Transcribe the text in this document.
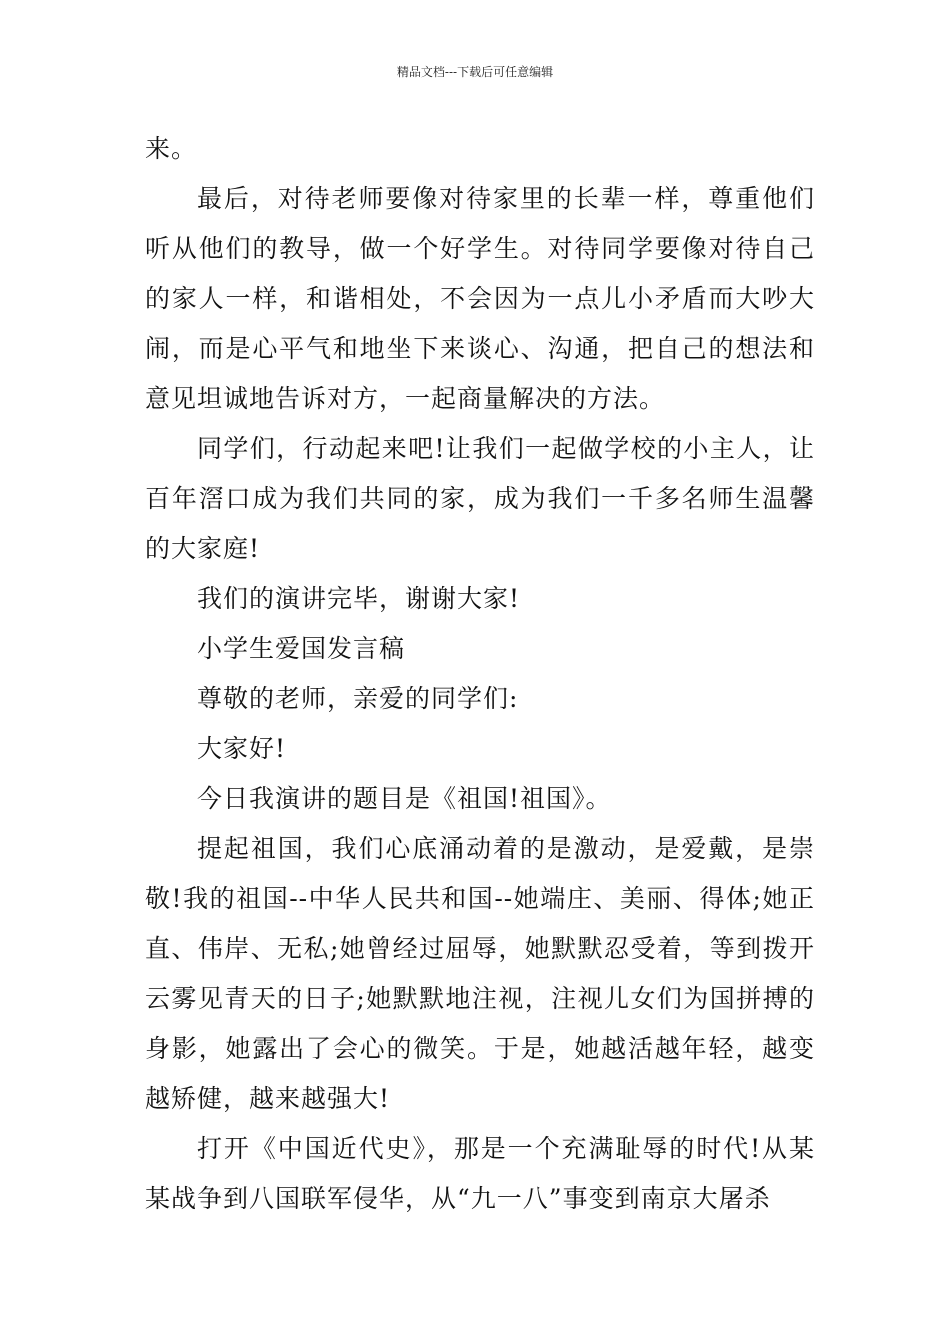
精品文档---下载后可任意编辑

来。

最后，对待老师要像对待家里的长辈一样，尊重他们听从他们的教导，做一个好学生。对待同学要像对待自己的家人一样，和谐相处，不会因为一点儿小矛盾而大吵大闹，而是心平气和地坐下来谈心、沟通，把自己的想法和意见坦诚地告诉对方，一起商量解决的方法。

同学们，行动起来吧!让我们一起做学校的小主人，让百年滘口成为我们共同的家，成为我们一千多名师生温馨的大家庭!

我们的演讲完毕，谢谢大家!

小学生爱国发言稿

尊敬的老师，亲爱的同学们:

大家好!

今日我演讲的题目是《祖国!祖国》。

提起祖国，我们心底涌动着的是激动，是爱戴，是崇敬!我的祖国--中华人民共和国--她端庄、美丽、得体;她正直、伟岸、无私;她曾经过屈辱，她默默忍受着，等到拨开云雾见青天的日子;她默默地注视，注视儿女们为国拼搏的身影，她露出了会心的微笑。于是，她越活越年轻，越变越矫健，越来越强大!

打开《中国近代史》，那是一个充满耻辱的时代!从某某战争到八国联军侵华，从“九一八”事变到南京大屠杀
